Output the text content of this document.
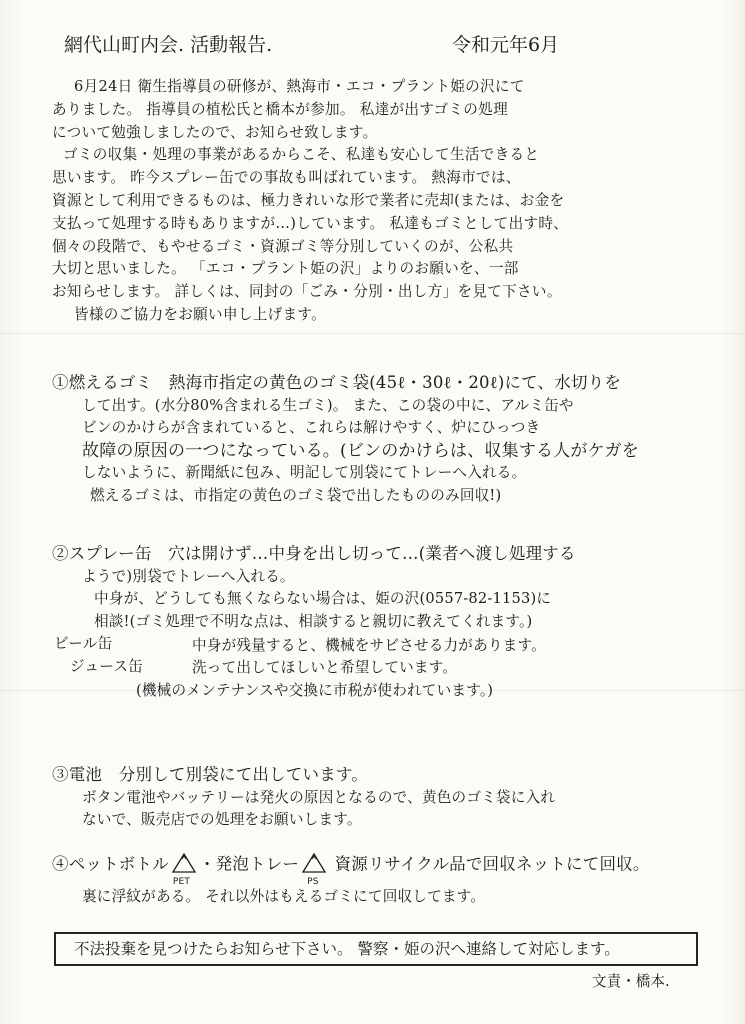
網代山町内会. 活動報告.	令和元年6月

6月24日 衛生指導員の研修が、熱海市・エコ・プラント姫の沢にて

ありました。 指導員の植松氏と橋本が参加。 私達が出すゴミの処理

について勉強しましたので、お知らせ致します。

ゴミの収集・処理の事業があるからこそ、私達も安心して生活できると

思います。 昨今スプレー缶での事故も叫ばれています。 熱海市では、

資源として利用できるものは、極力きれいな形で業者に売却(または、お金を

支払って処理する時もありますが…)しています。 私達もゴミとして出す時、

個々の段階で、もやせるゴミ・資源ゴミ等分別していくのが、公私共

大切と思いました。 「エコ・プラント姫の沢」よりのお願いを、一部

お知らせします。 詳しくは、同封の「ごみ・分別・出し方」を見て下さい。

皆様のご協力をお願い申し上げます。

①燃えるゴミ　熱海市指定の黄色のゴミ袋(45ℓ・30ℓ・20ℓ)にて、水切りを
して出す。(水分80%含まれる生ゴミ)。 また、この袋の中に、アルミ缶や
ビンのかけらが含まれていると、これらは解けやすく、炉にひっつき
故障の原因の一つになっている。(ビンのかけらは、収集する人がケガを
しないように、新聞紙に包み、明記して別袋にてトレーへ入れる。
燃えるゴミは、市指定の黄色のゴミ袋で出したもののみ回収!)
②スプレー缶　穴は開けず…中身を出し切って…(業者へ渡し処理する
ようで)別袋でトレーへ入れる。
中身が、どうしても無くならない場合は、姫の沢(0557-82-1153)に
相談!(ゴミ処理で不明な点は、相談すると親切に教えてくれます。)
ビール缶
ジュース缶
中身が残量すると、機械をサビさせる力があります。
洗って出してほしいと希望しています。
(機械のメンテナンスや交換に市税が使われています。)
③電池　分別して別袋にて出しています。
ボタン電池やバッテリーは発火の原因となるので、黄色のゴミ袋に入れ
ないで、販売店での処理をお願いします。
④ペットボトル
PET
・発泡トレー
PS
資源リサイクル品で回収ネットにて回収。
裏に浮紋がある。 それ以外はもえるゴミにて回収してます。
不法投棄を見つけたらお知らせ下さい。 警察・姫の沢へ連絡して対応します。
文責・橋本.
